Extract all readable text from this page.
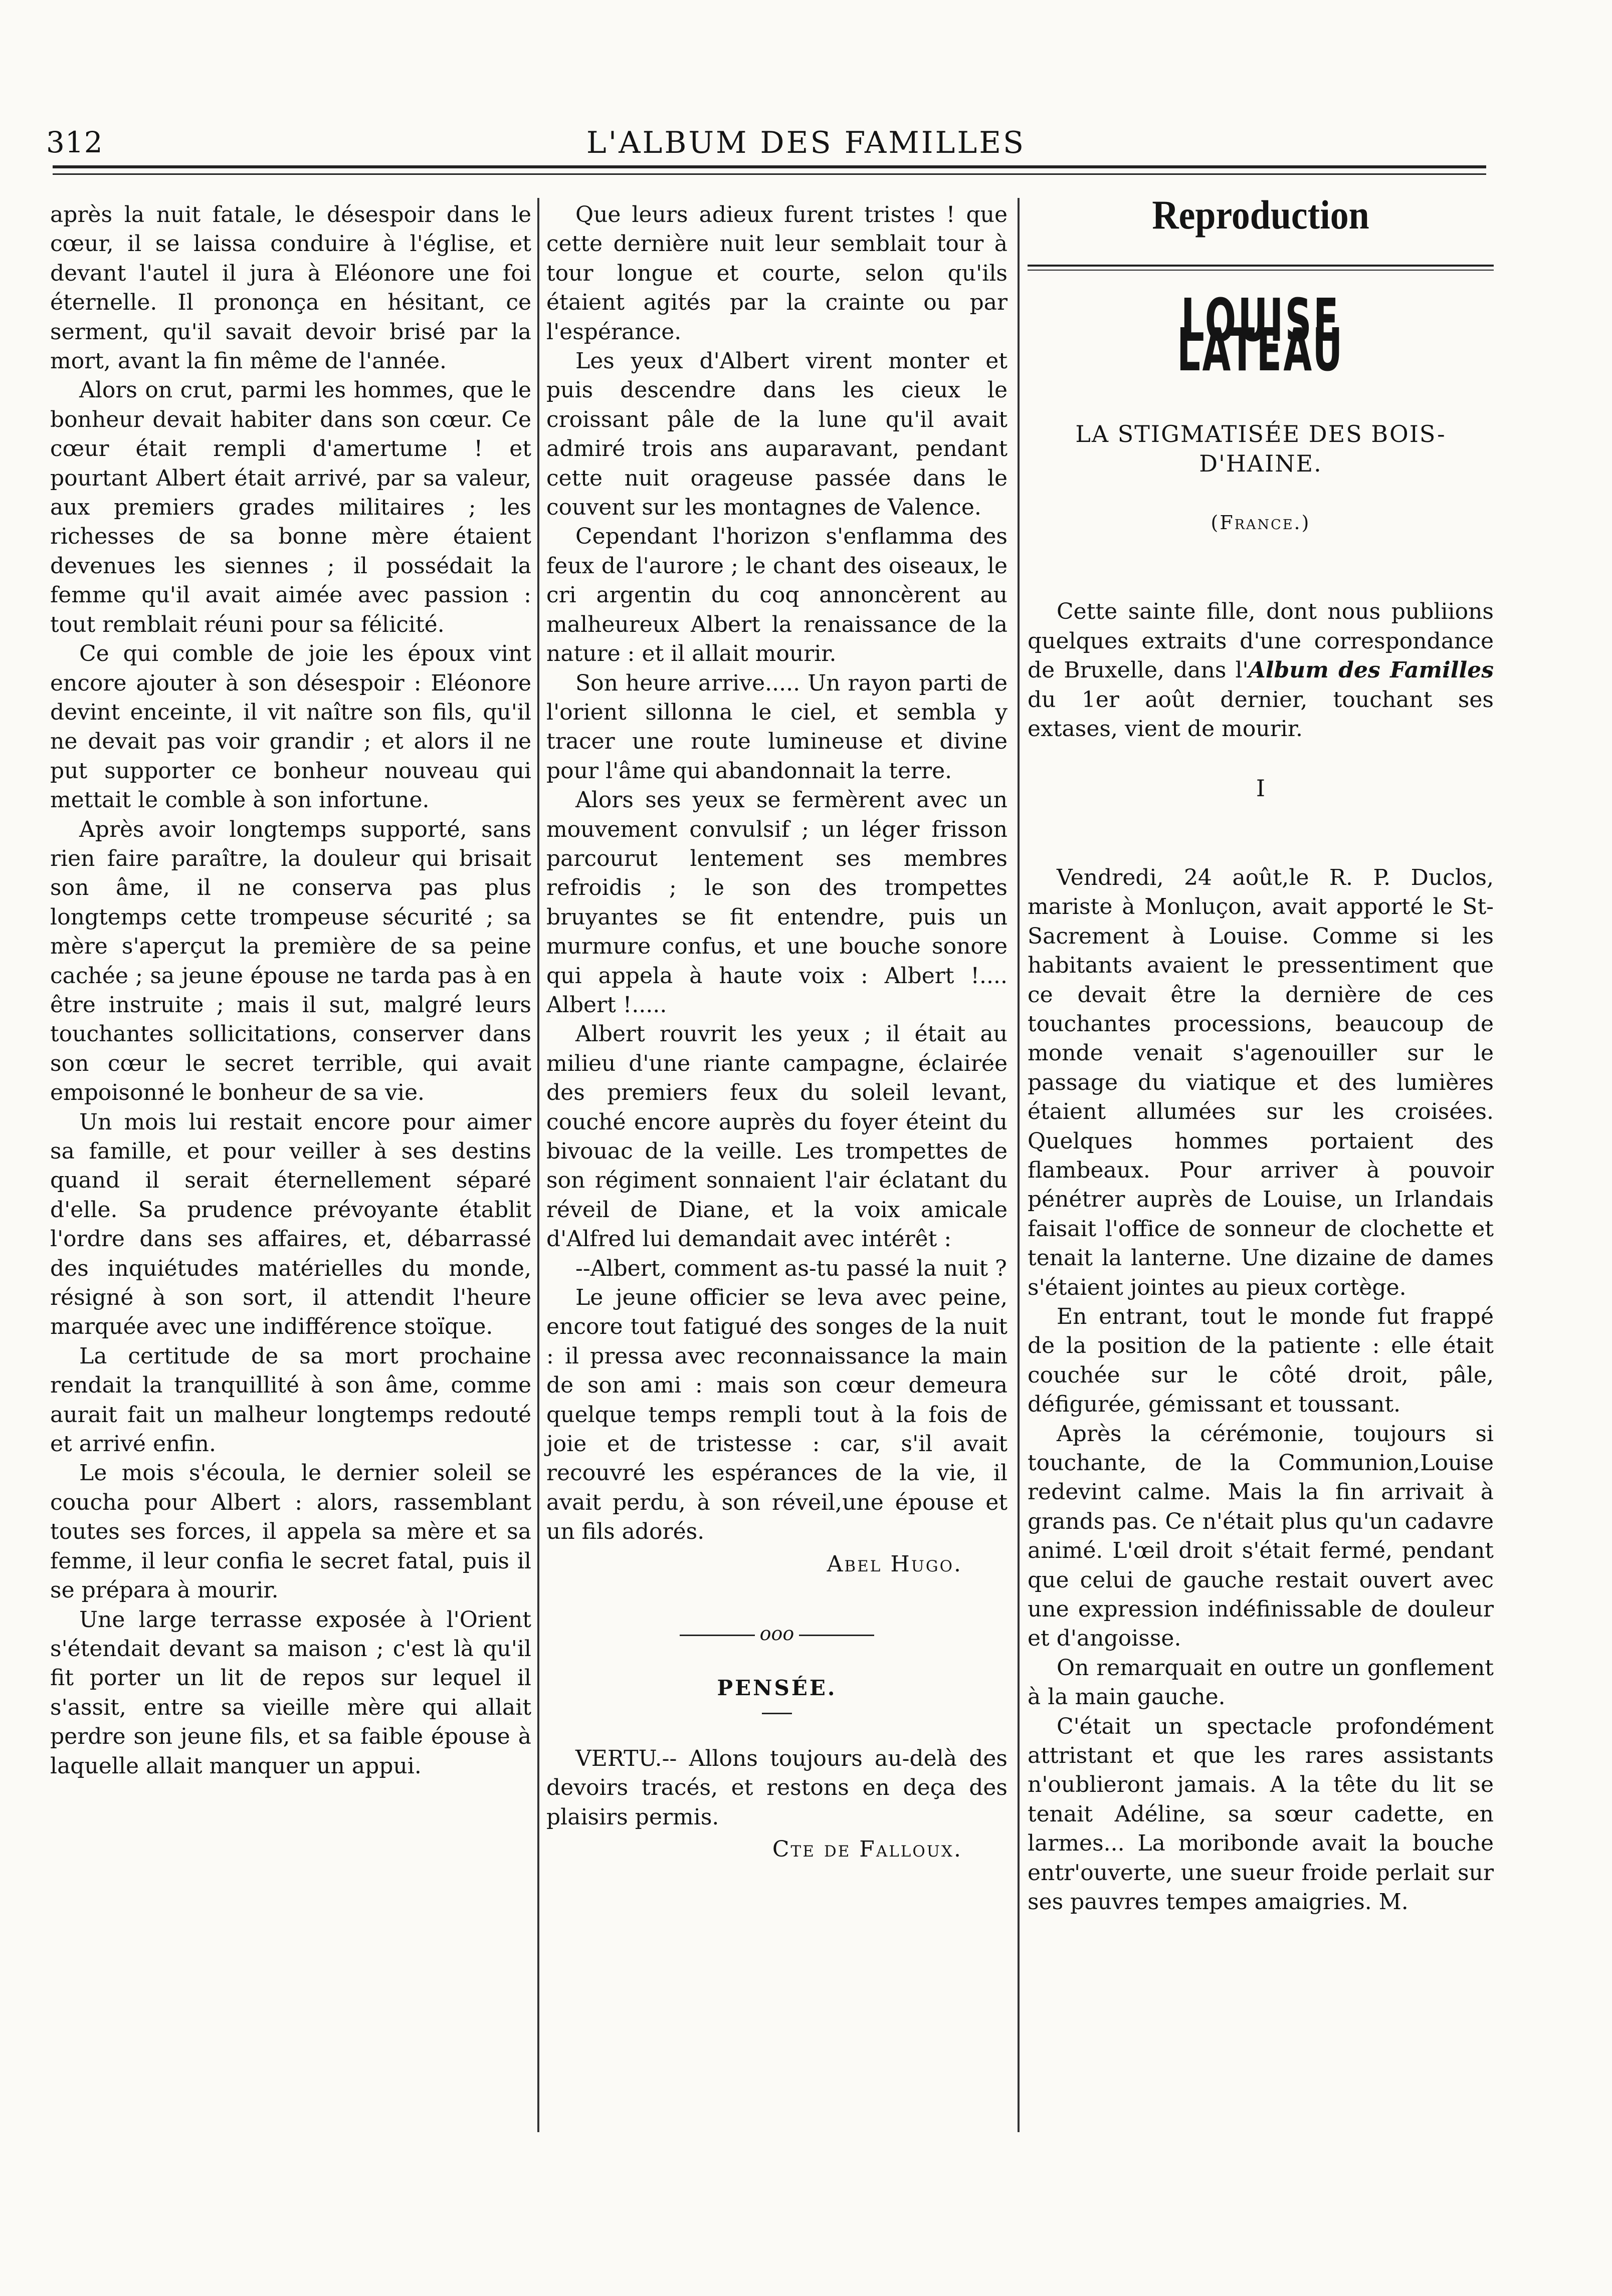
312	L'ALBUM DES FAMILLES

après la nuit fatale, le désespoir dans le cœur, il se laissa conduire à l'église, et devant l'autel il jura à Eléonore une foi éternelle. Il prononça en hésitant, ce serment, qu'il savait devoir brisé par la mort, avant la fin même de l'année.

Alors on crut, parmi les hommes, que le bonheur devait habiter dans son cœur. Ce cœur était rempli d'amertume ! et pourtant Albert était arrivé, par sa valeur, aux premiers grades militaires ; les richesses de sa bonne mère étaient devenues les siennes ; il possédait la femme qu'il avait aimée avec passion : tout remblait réuni pour sa félicité.

Ce qui comble de joie les époux vint encore ajouter à son désespoir : Eléonore devint enceinte, il vit naître son fils, qu'il ne devait pas voir grandir ; et alors il ne put supporter ce bonheur nouveau qui mettait le comble à son infortune.

Après avoir longtemps supporté, sans rien faire paraître, la douleur qui brisait son âme, il ne conserva pas plus longtemps cette trompeuse sécurité ; sa mère s'aperçut la première de sa peine cachée ; sa jeune épouse ne tarda pas à en être instruite ; mais il sut, malgré leurs touchantes sollicitations, conserver dans son cœur le secret terrible, qui avait empoisonné le bonheur de sa vie.

Un mois lui restait encore pour aimer sa famille, et pour veiller à ses destins quand il serait éternellement séparé d'elle. Sa prudence prévoyante établit l'ordre dans ses affaires, et, débarrassé des inquiétudes matérielles du monde, résigné à son sort, il attendit l'heure marquée avec une indifférence stoïque.

La certitude de sa mort prochaine rendait la tranquillité à son âme, comme aurait fait un malheur longtemps redouté et arrivé enfin.

Le mois s'écoula, le dernier soleil se coucha pour Albert : alors, rassemblant toutes ses forces, il appela sa mère et sa femme, il leur confia le secret fatal, puis il se prépara à mourir.

Une large terrasse exposée à l'Orient s'étendait devant sa maison ; c'est là qu'il fit porter un lit de repos sur lequel il s'assit, entre sa vieille mère qui allait perdre son jeune fils, et sa faible épouse à laquelle allait manquer un appui.

Que leurs adieux furent tristes ! que cette dernière nuit leur semblait tour à tour longue et courte, selon qu'ils étaient agités par la crainte ou par l'espérance.

Les yeux d'Albert virent monter et puis descendre dans les cieux le croissant pâle de la lune qu'il avait admiré trois ans auparavant, pendant cette nuit orageuse passée dans le couvent sur les montagnes de Valence.

Cependant l'horizon s'enflamma des feux de l'aurore ; le chant des oiseaux, le cri argentin du coq annoncèrent au malheureux Albert la renaissance de la nature : et il allait mourir.

Son heure arrive..... Un rayon parti de l'orient sillonna le ciel, et sembla y tracer une route lumineuse et divine pour l'âme qui abandonnait la terre.

Alors ses yeux se fermèrent avec un mouvement convulsif ; un léger frisson parcourut lentement ses membres refroidis ; le son des trompettes bruyantes se fit entendre, puis un murmure confus, et une bouche sonore qui appela à haute voix : Albert !.... Albert !.....

Albert rouvrit les yeux ; il était au milieu d'une riante campagne, éclairée des premiers feux du soleil levant, couché encore auprès du foyer éteint du bivouac de la veille. Les trompettes de son régiment sonnaient l'air éclatant du réveil de Diane, et la voix amicale d'Alfred lui demandait avec intérêt :

--Albert, comment as-tu passé la nuit ?

Le jeune officier se leva avec peine, encore tout fatigué des songes de la nuit : il pressa avec reconnaissance la main de son ami : mais son cœur demeura quelque temps rempli tout à la fois de joie et de tristesse : car, s'il avait recouvré les espérances de la vie, il avait perdu, à son réveil,une épouse et un fils adorés.

Abel Hugo.
ooo
PENSÉE.

VERTU.-- Allons toujours au-delà des devoirs tracés, et restons en deça des plaisirs permis.

Cte de Falloux.
Reproduction
LOUISE LATEAU
LA STIGMATISÉE DES BOIS-D'HAINE.
(France.)

Cette sainte fille, dont nous publiions quelques extraits d'une correspondance de Bruxelle, dans l'Album des Familles du 1er août dernier, touchant ses extases, vient de mourir.

I

Vendredi, 24 août,le R. P. Duclos, mariste à Monluçon, avait apporté le St-Sacrement à Louise. Comme si les habitants avaient le pressentiment que ce devait être la dernière de ces touchantes processions, beaucoup de monde venait s'agenouiller sur le passage du viatique et des lumières étaient allumées sur les croisées. Quelques hommes portaient des flambeaux. Pour arriver à pouvoir pénétrer auprès de Louise, un Irlandais faisait l'office de sonneur de clochette et tenait la lanterne. Une dizaine de dames s'étaient jointes au pieux cortège.

En entrant, tout le monde fut frappé de la position de la patiente : elle était couchée sur le côté droit, pâle, défigurée, gémissant et toussant.

Après la cérémonie, toujours si touchante, de la Communion,Louise redevint calme. Mais la fin arrivait à grands pas. Ce n'était plus qu'un cadavre animé. L'œil droit s'était fermé, pendant que celui de gauche restait ouvert avec une expression indéfinissable de douleur et d'angoisse.

On remarquait en outre un gonflement à la main gauche.

C'était un spectacle profondément attristant et que les rares assistants n'oublieront jamais. A la tête du lit se tenait Adéline, sa sœur cadette, en larmes... La moribonde avait la bouche entr'ouverte, une sueur froide perlait sur ses pauvres tempes amaigries. M.
